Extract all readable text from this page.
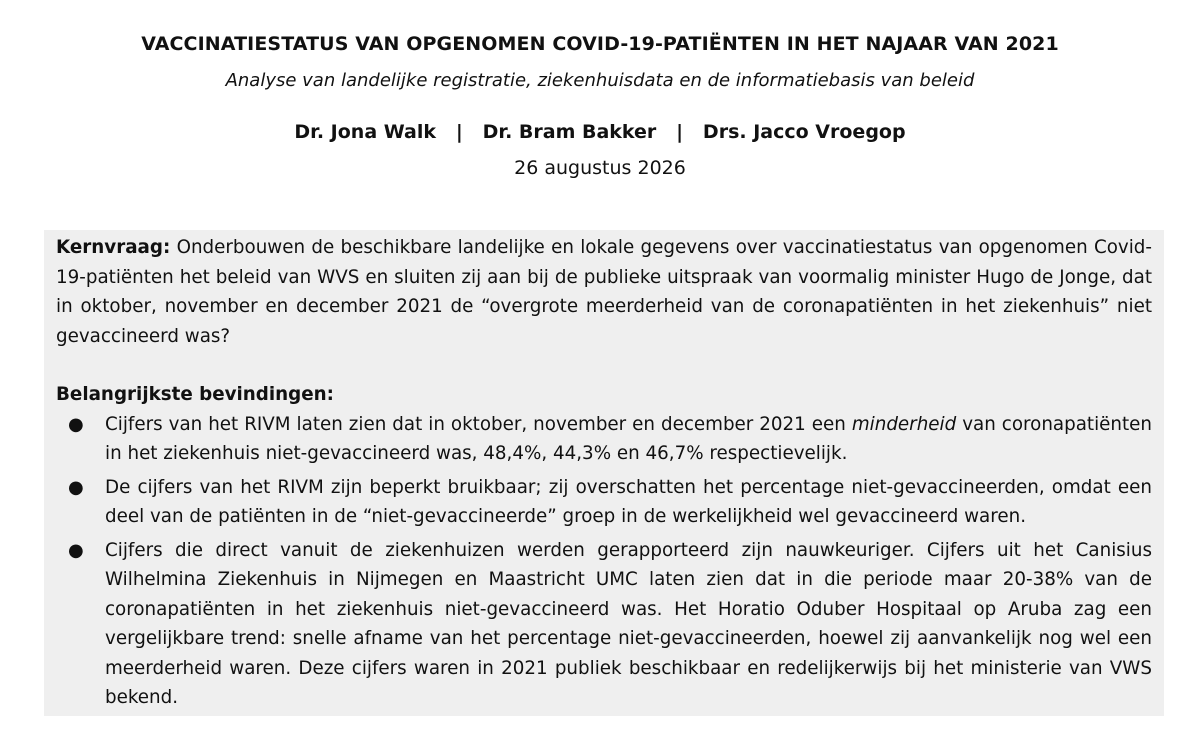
VACCINATIESTATUS VAN OPGENOMEN COVID-19-PATIËNTEN IN HET NAJAAR VAN 2021
Analyse van landelijke registratie, ziekenhuisdata en de informatiebasis van beleid
Dr. Jona Walk   |   Dr. Bram Bakker   |   Drs. Jacco Vroegop
26 augustus 2026

Kernvraag: Onderbouwen de beschikbare landelijke en lokale gegevens over vaccinatiestatus van opgenomen Covid-19-patiënten het beleid van WVS en sluiten zij aan bij de publieke uitspraak van voormalig minister Hugo de Jonge, dat in oktober, november en december 2021 de “overgrote meerderheid van de coronapatiënten in het ziekenhuis” niet gevaccineerd was?

Belangrijkste bevindingen:
● Cijfers van het RIVM laten zien dat in oktober, november en december 2021 een minderheid van coronapatiënten in het ziekenhuis niet-gevaccineerd was, 48,4%, 44,3% en 46,7% respectievelijk.
● De cijfers van het RIVM zijn beperkt bruikbaar; zij overschatten het percentage niet-gevaccineerden, omdat een deel van de patiënten in de “niet-gevaccineerde” groep in de werkelijkheid wel gevaccineerd waren.
● Cijfers die direct vanuit de ziekenhuizen werden gerapporteerd zijn nauwkeuriger. Cijfers uit het Canisius Wilhelmina Ziekenhuis in Nijmegen en Maastricht UMC laten zien dat in die periode maar 20-38% van de coronapatiënten in het ziekenhuis niet-gevaccineerd was. Het Horatio Oduber Hospitaal op Aruba zag een vergelijkbare trend: snelle afname van het percentage niet-gevaccineerden, hoewel zij aanvankelijk nog wel een meerderheid waren. Deze cijfers waren in 2021 publiek beschikbaar en redelijkerwijs bij het ministerie van VWS bekend.
